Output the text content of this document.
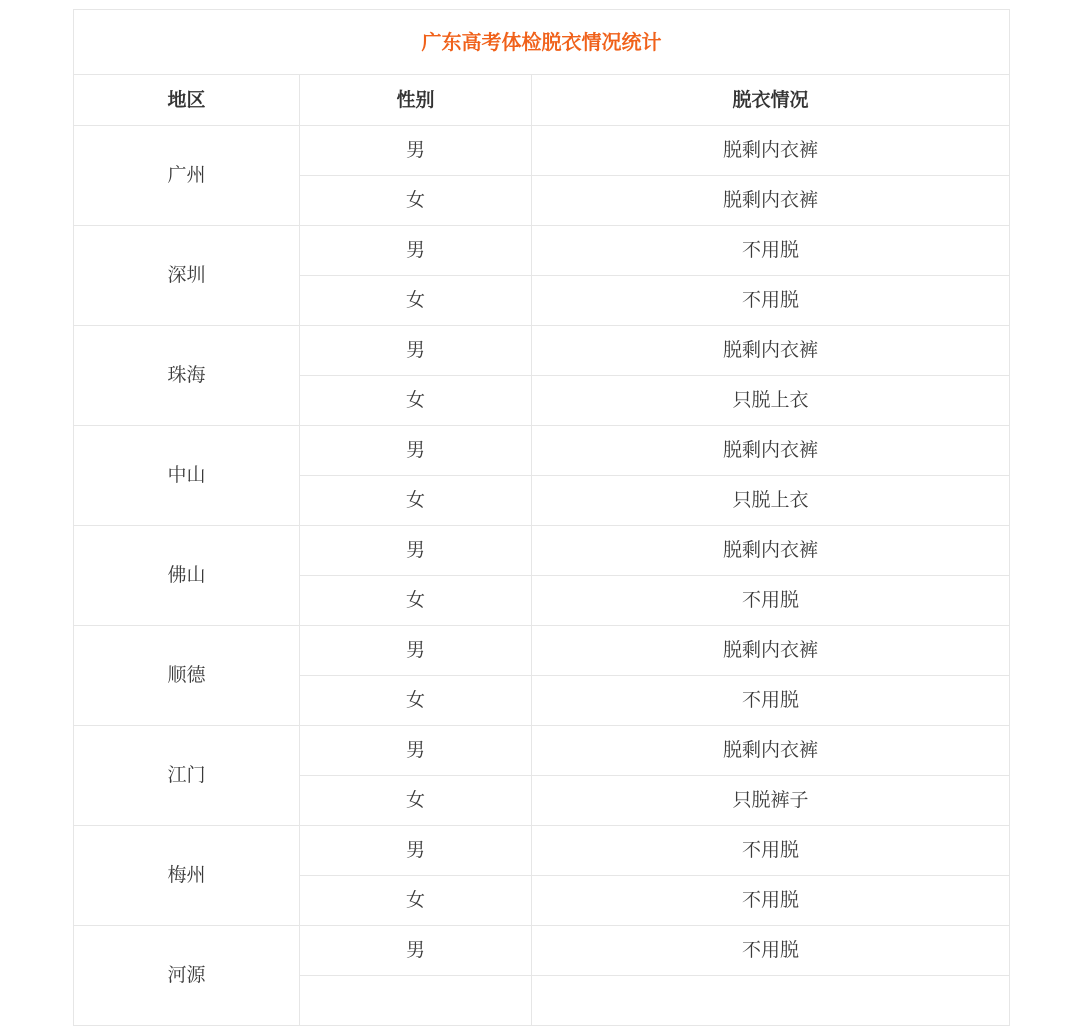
广东高考体检脱衣情况统计		
地区	性别	脱衣情况
广州	男	脱剩内衣裤
	女	脱剩内衣裤
深圳	男	不用脱
	女	不用脱
珠海	男	脱剩内衣裤
	女	只脱上衣
中山	男	脱剩内衣裤
	女	只脱上衣
佛山	男	脱剩内衣裤
	女	不用脱
顺德	男	脱剩内衣裤
	女	不用脱
江门	男	脱剩内衣裤
	女	只脱裤子
梅州	男	不用脱
	女	不用脱
河源	男	不用脱
